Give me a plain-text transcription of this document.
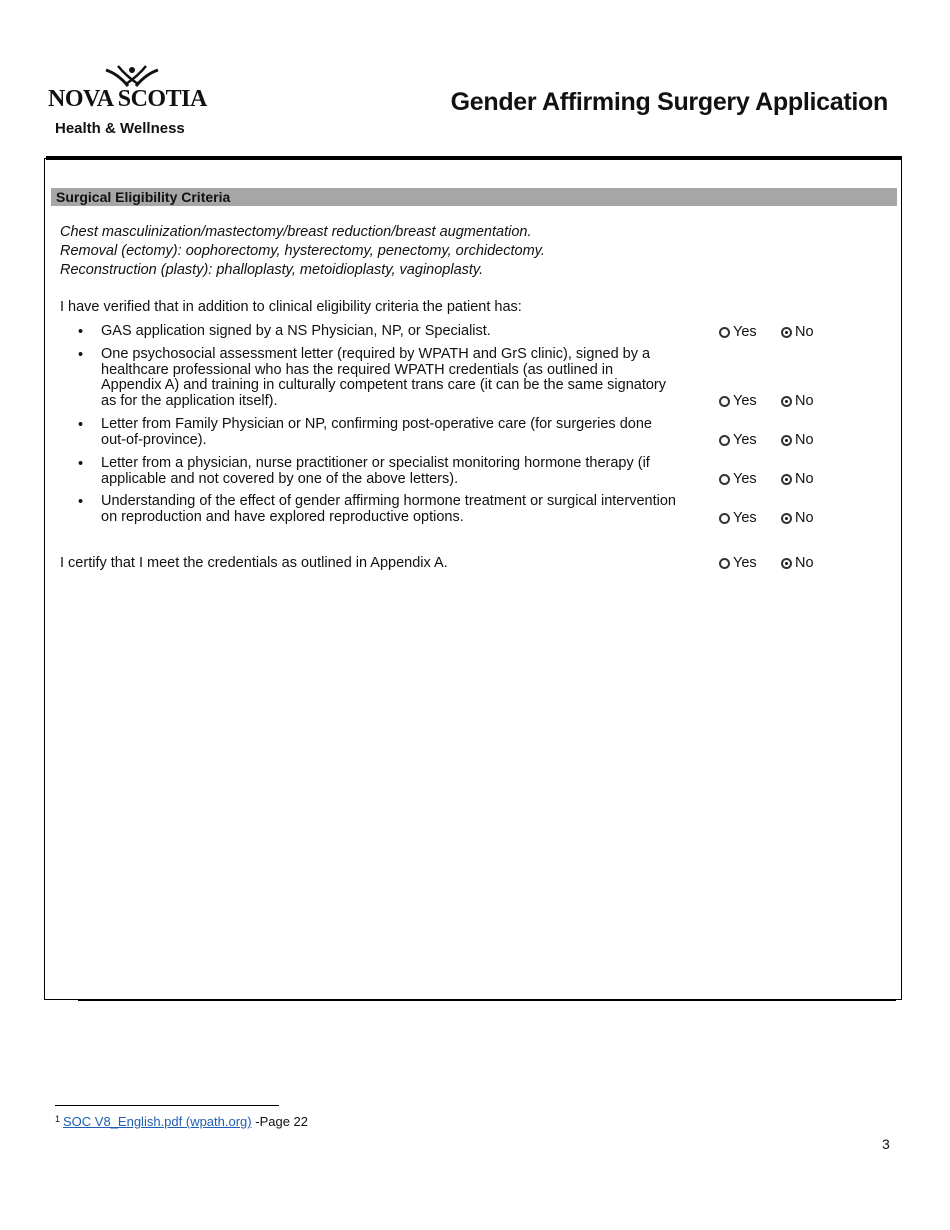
NOVA SCOTIA
Health & Wellness
Gender Affirming Surgery Application
Surgical Eligibility Criteria
Chest masculinization/mastectomy/breast reduction/breast augmentation.
Removal (ectomy): oophorectomy, hysterectomy, penectomy, orchidectomy.
Reconstruction (plasty): phalloplasty, metoidioplasty, vaginoplasty.
I have verified that in addition to clinical eligibility criteria the patient has:
• GAS application signed by a NS Physician, NP, or Specialist.	Yes	No
• One psychosocial assessment letter (required by WPATH and GrS clinic), signed by a healthcare professional who has the required WPATH credentials (as outlined in Appendix A) and training in culturally competent trans care (it can be the same signatory as for the application itself).	Yes	No
• Letter from Family Physician or NP, confirming post-operative care (for surgeries done out-of-province).	Yes	No
• Letter from a physician, nurse practitioner or specialist monitoring hormone therapy (if applicable and not covered by one of the above letters).	Yes	No
• Understanding of the effect of gender affirming hormone treatment or surgical intervention on reproduction and have explored reproductive options.	Yes	No
I certify that I meet the credentials as outlined in Appendix A.	Yes	No
$^1$ SOC V8_English.pdf (wpath.org) -Page 22
3
